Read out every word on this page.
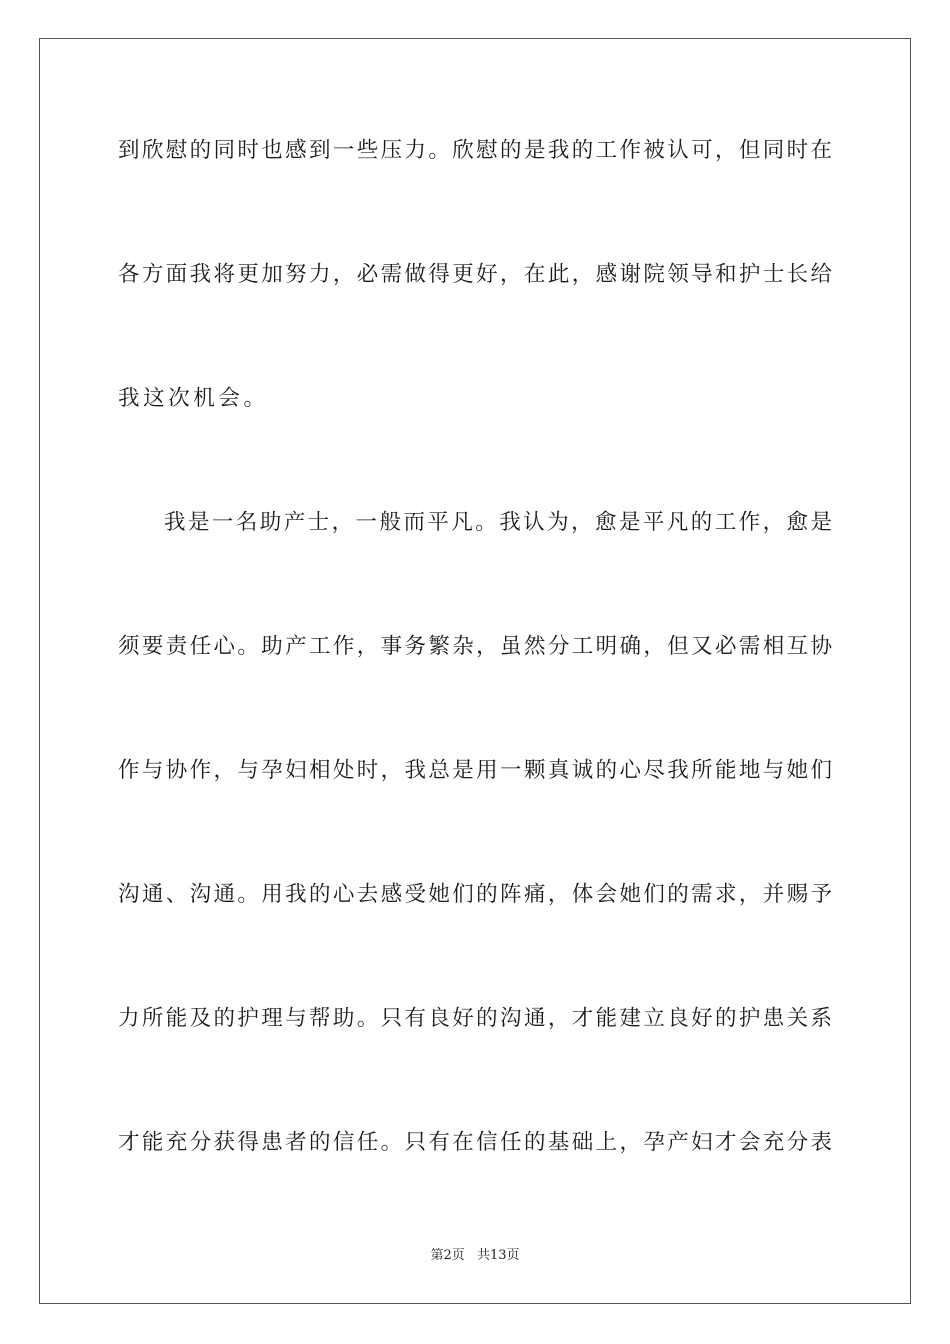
到欣慰的同时也感到一些压力。欣慰的是我的工作被认可，但同时在
各方面我将更加努力，必需做得更好，在此，感谢院领导和护士长给
我这次机会。
我是一名助产士，一般而平凡。我认为，愈是平凡的工作，愈是
须要责任心。助产工作，事务繁杂，虽然分工明确，但又必需相互协
作与协作，与孕妇相处时，我总是用一颗真诚的心尽我所能地与她们
沟通、沟通。用我的心去感受她们的阵痛，体会她们的需求，并赐予
力所能及的护理与帮助。只有良好的沟通，才能建立良好的护患关系
才能充分获得患者的信任。只有在信任的基础上，孕产妇才会充分表
第2页 共13页
